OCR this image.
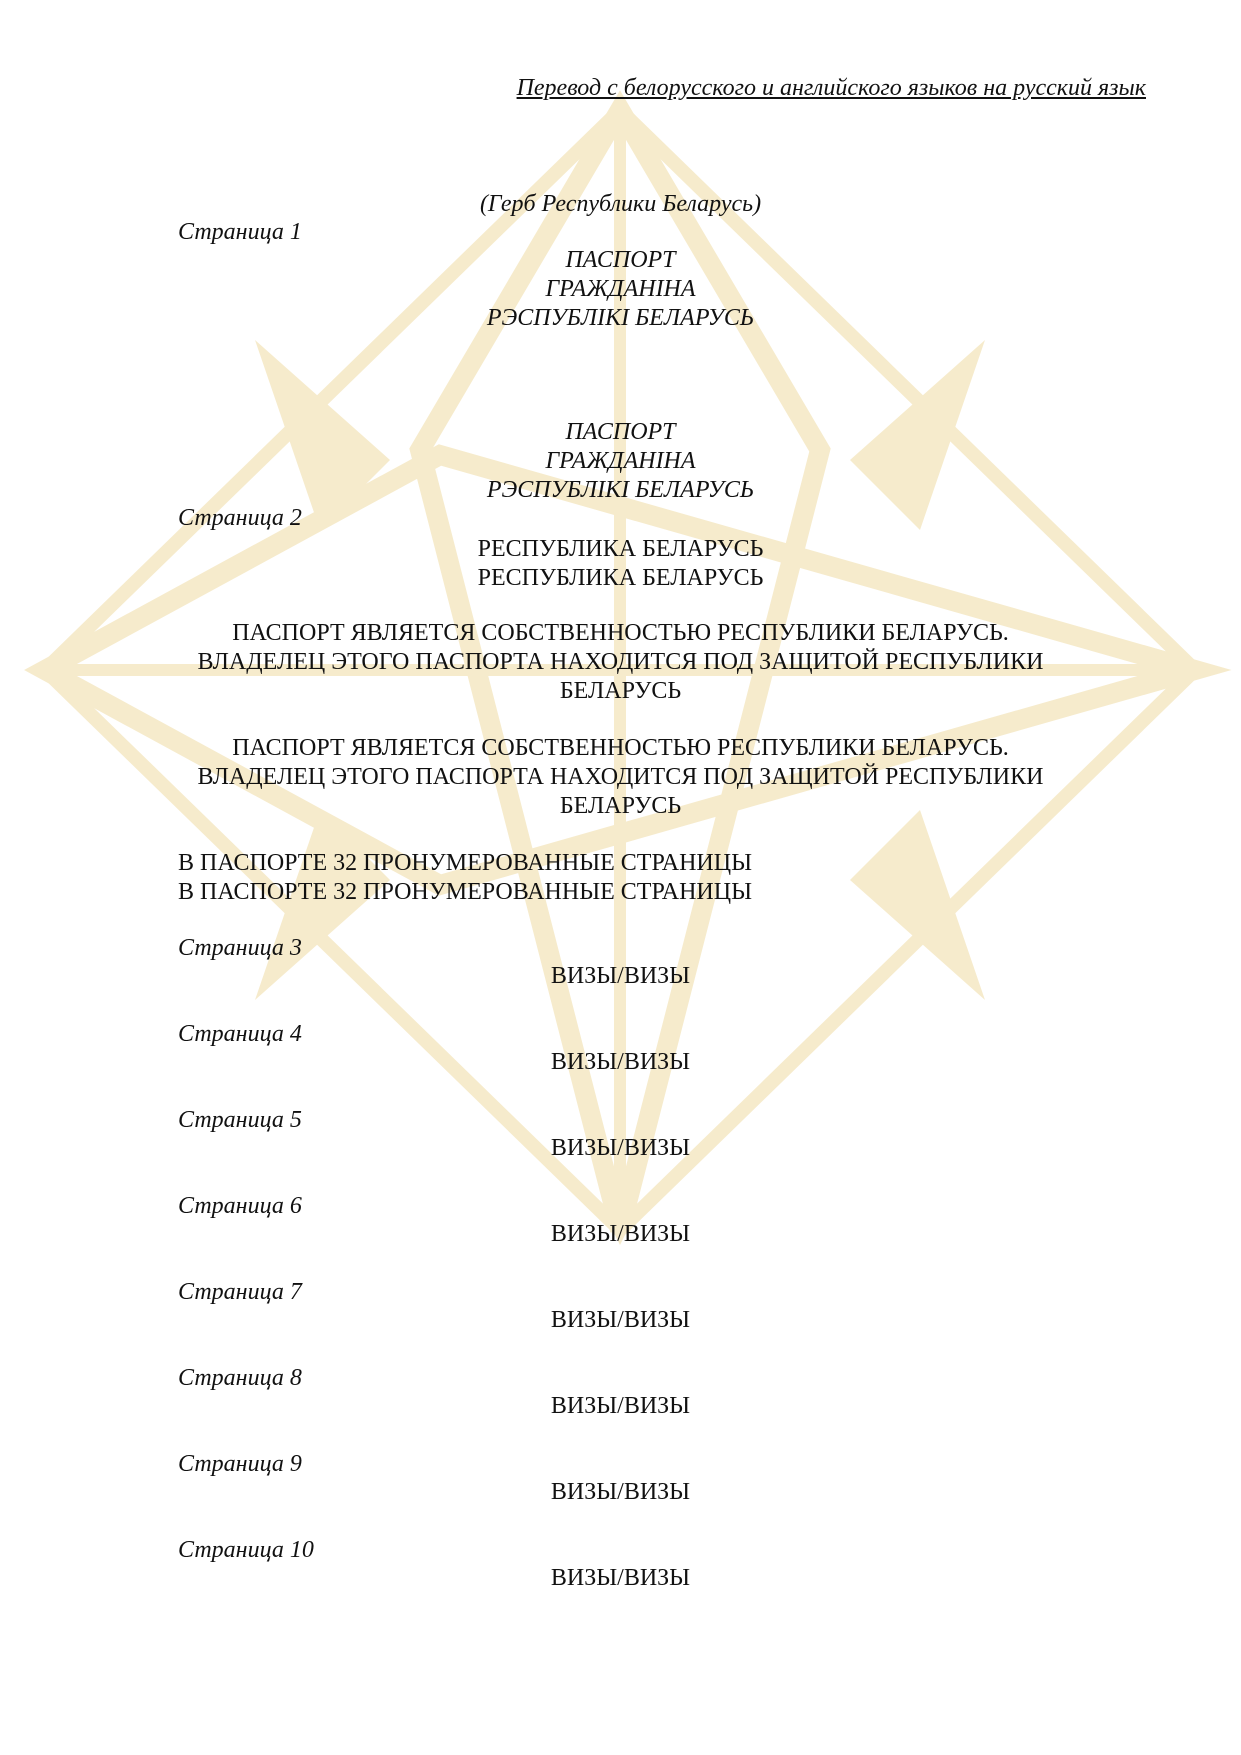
Перевод с белорусского и английского языков на русский язык
(Герб Республики Беларусь)
Страница 1
ПАСПОРТ
ГРАЖДАНIНА
РЭСПУБЛIКI БЕЛАРУСЬ
ПАСПОРТ
ГРАЖДАНIНА
РЭСПУБЛIКI БЕЛАРУСЬ
Страница 2
РЕСПУБЛИКА БЕЛАРУСЬ
РЕСПУБЛИКА БЕЛАРУСЬ
ПАСПОРТ ЯВЛЯЕТСЯ СОБСТВЕННОСТЬЮ РЕСПУБЛИКИ БЕЛАРУСЬ.
ВЛАДЕЛЕЦ ЭТОГО ПАСПОРТА НАХОДИТСЯ ПОД ЗАЩИТОЙ РЕСПУБЛИКИ
БЕЛАРУСЬ
ПАСПОРТ ЯВЛЯЕТСЯ СОБСТВЕННОСТЬЮ РЕСПУБЛИКИ БЕЛАРУСЬ.
ВЛАДЕЛЕЦ ЭТОГО ПАСПОРТА НАХОДИТСЯ ПОД ЗАЩИТОЙ РЕСПУБЛИКИ
БЕЛАРУСЬ
В ПАСПОРТЕ 32 ПРОНУМЕРОВАННЫЕ СТРАНИЦЫ
В ПАСПОРТЕ 32 ПРОНУМЕРОВАННЫЕ СТРАНИЦЫ
Страница 3
ВИЗЫ/ВИЗЫ
Страница 4
ВИЗЫ/ВИЗЫ
Страница 5
ВИЗЫ/ВИЗЫ
Страница 6
ВИЗЫ/ВИЗЫ
Страница 7
ВИЗЫ/ВИЗЫ
Страница 8
ВИЗЫ/ВИЗЫ
Страница 9
ВИЗЫ/ВИЗЫ
Страница 10
ВИЗЫ/ВИЗЫ
